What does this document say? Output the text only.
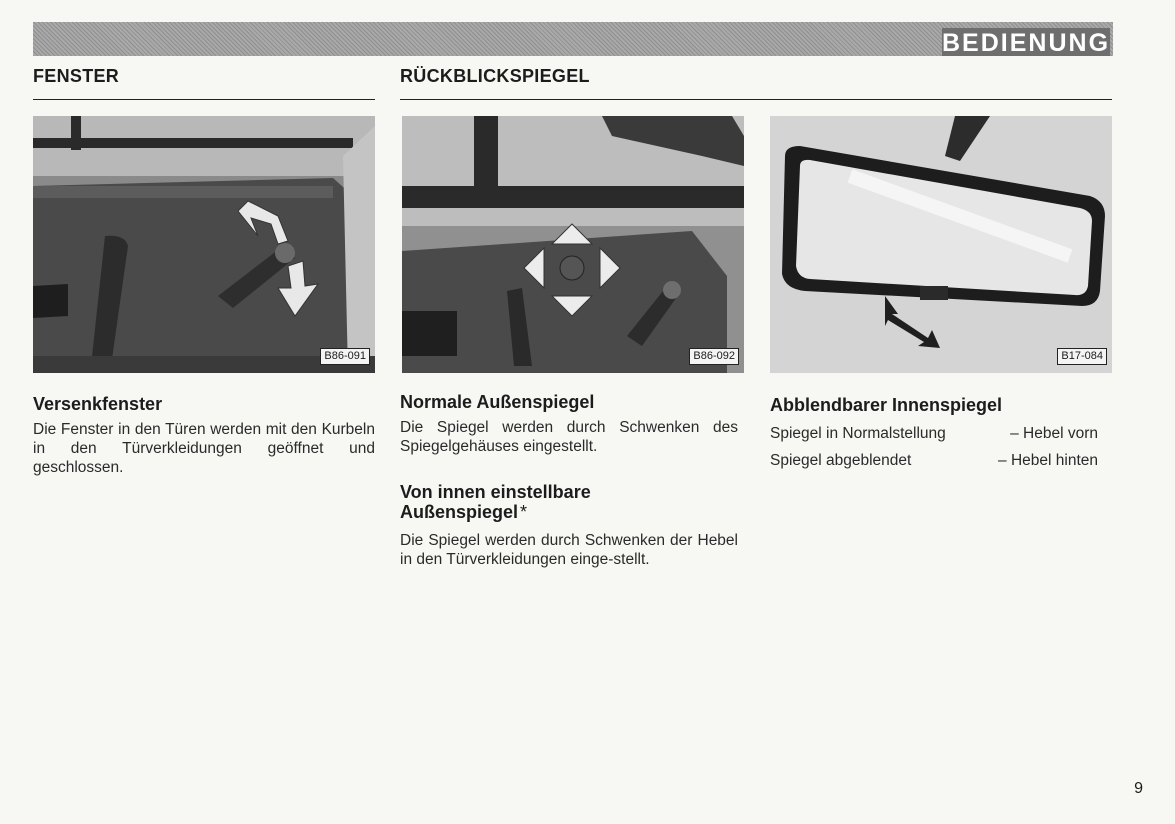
BEDIENUNG
FENSTER	RÜCKBLICKSPIEGEL
B86-091	B86-092	B17-084
Versenkfenster

Die Fenster in den Türen werden mit den Kurbeln in den Türverkleidungen geöffnet und geschlossen.

Normale Außenspiegel

Die Spiegel werden durch Schwenken des Spiegelgehäuses eingestellt.

Von innen einstellbare
Außenspiegel *

Die Spiegel werden durch Schwenken der Hebel in den Türverkleidungen einge-stellt.

Abblendbarer Innenspiegel
Spiegel in Normalstellung	– Hebel vorn
Spiegel abgeblendet	– Hebel hinten
9
